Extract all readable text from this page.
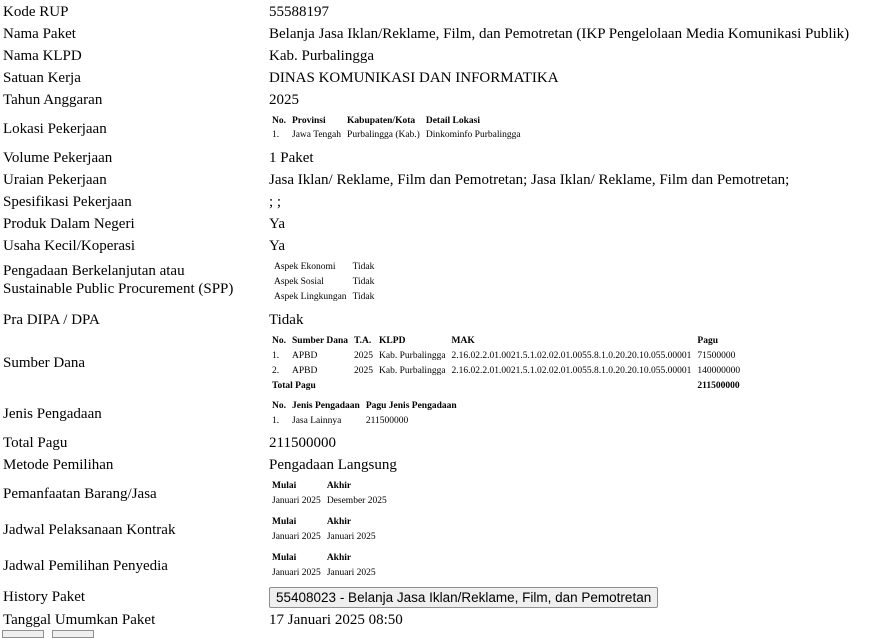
Kode RUP	55588197
Nama Paket	Belanja Jasa Iklan/Reklame, Film, dan Pemotretan (IKP Pengelolaan Media Komunikasi Publik)
Nama KLPD	Kab. Purbalingga
Satuan Kerja	DINAS KOMUNIKASI DAN INFORMATIKA
Tahun Anggaran	2025
Lokasi Pekerjaan	No.	Provinsi	Kabupaten/Kota	Detail Lokasi
1.	Jawa Tengah	Purbalingga (Kab.)	Dinkominfo Purbalingga
Volume Pekerjaan	1 Paket
Uraian Pekerjaan	Jasa Iklan/ Reklame, Film dan Pemotretan; Jasa Iklan/ Reklame, Film dan Pemotretan;
Spesifikasi Pekerjaan	; ;
Produk Dalam Negeri	Ya
Usaha Kecil/Koperasi	Ya
Pengadaan Berkelanjutan atau
Sustainable Public Procurement (SPP)
Aspek Ekonomi	Tidak
Aspek Sosial	Tidak
Aspek Lingkungan	Tidak
Pra DIPA / DPA	Tidak
Sumber Dana
No.	Sumber Dana	T.A.	KLPD	MAK	Pagu
1.	APBD	2025	Kab. Purbalingga	2.16.02.2.01.0021.5.1.02.02.01.0055.8.1.0.20.20.10.055.00001	71500000
2.	APBD	2025	Kab. Purbalingga	2.16.02.2.01.0021.5.1.02.02.01.0055.8.1.0.20.20.10.055.00001	140000000
Total Pagu					211500000
Jenis Pengadaan	No.	Jenis Pengadaan	Pagu Jenis Pengadaan
1.	Jasa Lainnya	211500000
Total Pagu	211500000
Metode Pemilihan	Pengadaan Langsung
Pemanfaatan Barang/Jasa	Mulai	Akhir
Januari 2025	Desember 2025
Jadwal Pelaksanaan Kontrak	Mulai	Akhir
Januari 2025	Januari 2025
Jadwal Pemilihan Penyedia	Mulai	Akhir
Januari 2025	Januari 2025
History Paket	55408023 - Belanja Jasa Iklan/Reklame, Film, dan Pemotretan
Tanggal Umumkan Paket	17 Januari 2025 08:50
